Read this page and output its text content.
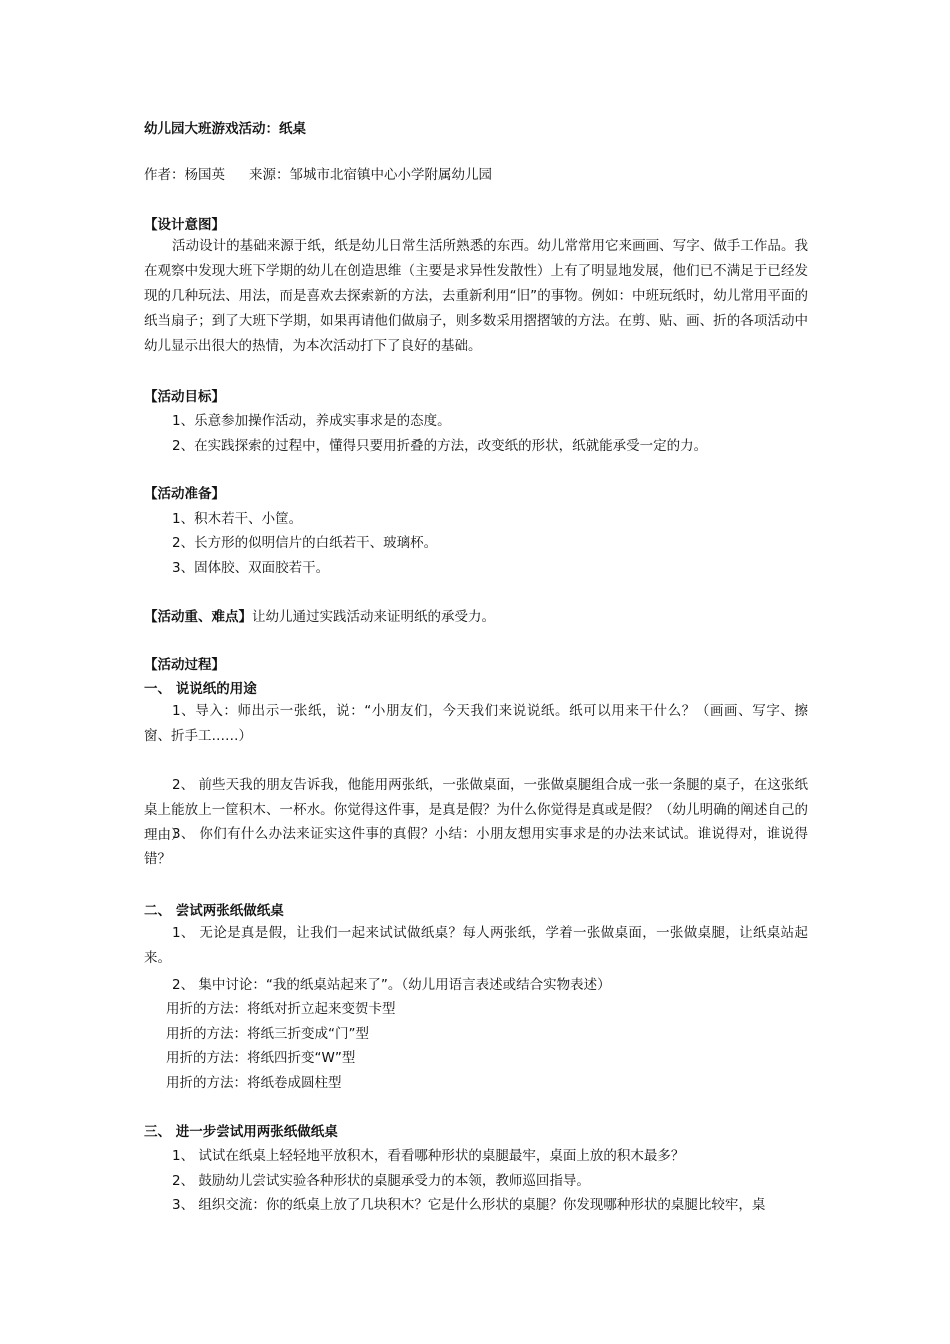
幼儿园大班游戏活动：纸桌
作者：杨国英 来源：邹城市北宿镇中心小学附属幼儿园
【设计意图】
活动设计的基础来源于纸，纸是幼儿日常生活所熟悉的东西。幼儿常常用它来画画、写字、做手工作品。我在观察中发现大班下学期的幼儿在创造思维（主要是求异性发散性）上有了明显地发展，他们已不满足于已经发现的几种玩法、用法，而是喜欢去探索新的方法，去重新利用“旧”的事物。例如：中班玩纸时，幼儿常用平面的纸当扇子；到了大班下学期，如果再请他们做扇子，则多数采用摺摺皱的方法。在剪、贴、画、折的各项活动中幼儿显示出很大的热情，为本次活动打下了良好的基础。
【活动目标】
1、乐意参加操作活动，养成实事求是的态度。
2、在实践探索的过程中，懂得只要用折叠的方法，改变纸的形状，纸就能承受一定的力。
【活动准备】
1、积木若干、小筐。
2、长方形的似明信片的白纸若干、玻璃杯。
3、固体胶、双面胶若干。
【活动重、难点】让幼儿通过实践活动来证明纸的承受力。
【活动过程】
一、 说说纸的用途
1、导入：师出示一张纸，说：“小朋友们，今天我们来说说纸。纸可以用来干什么？（画画、写字、擦窗、折手工……）
2、 前些天我的朋友告诉我，他能用两张纸，一张做桌面，一张做桌腿组合成一张一条腿的桌子，在这张纸桌上能放上一筐积木、一杯水。你觉得这件事，是真是假？为什么你觉得是真或是假？（幼儿明确的阐述自己的理由）
3、 你们有什么办法来证实这件事的真假？小结：小朋友想用实事求是的办法来试试。谁说得对，谁说得错？
二、 尝试两张纸做纸桌
1、 无论是真是假，让我们一起来试试做纸桌？每人两张纸，学着一张做桌面，一张做桌腿，让纸桌站起来。
2、 集中讨论：“我的纸桌站起来了”。（幼儿用语言表述或结合实物表述）
用折的方法：将纸对折立起来变贺卡型
用折的方法：将纸三折变成“门”型
用折的方法：将纸四折变“W”型
用折的方法：将纸卷成圆柱型
三、 进一步尝试用两张纸做纸桌
1、 试试在纸桌上轻轻地平放积木，看看哪种形状的桌腿最牢，桌面上放的积木最多？
2、 鼓励幼儿尝试实验各种形状的桌腿承受力的本领，教师巡回指导。
3、 组织交流：你的纸桌上放了几块积木？它是什么形状的桌腿？你发现哪种形状的桌腿比较牢，桌
